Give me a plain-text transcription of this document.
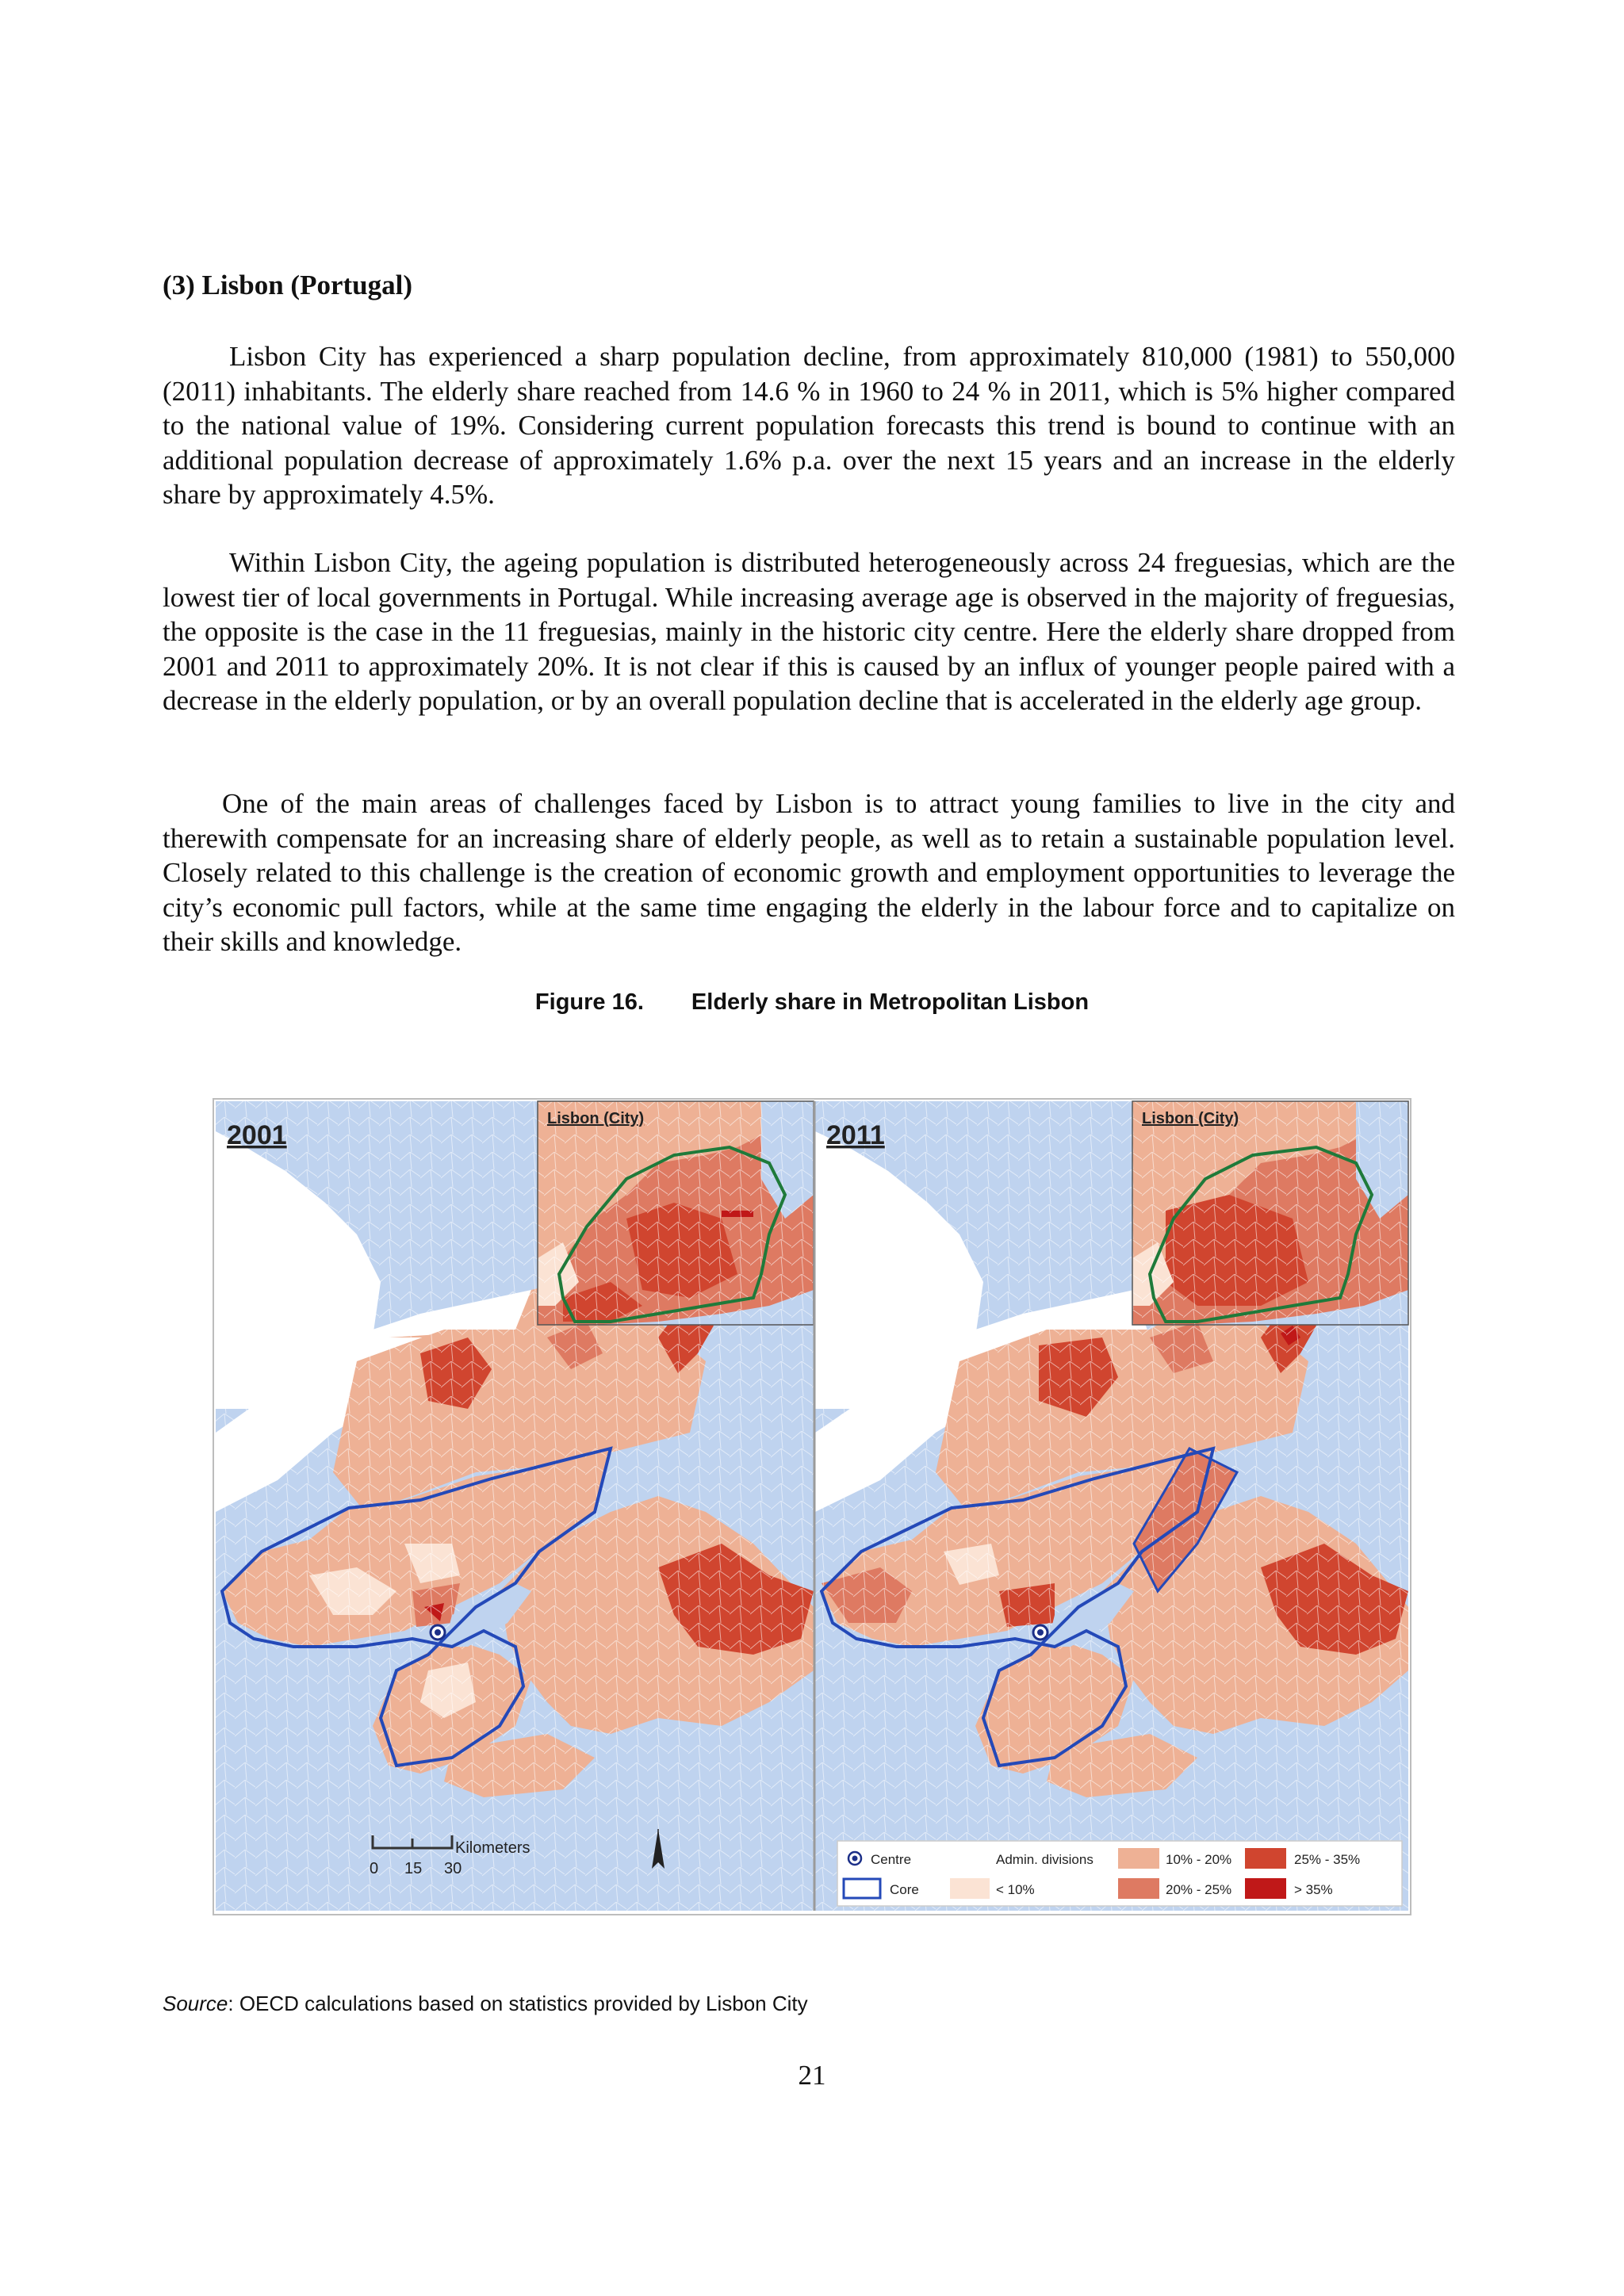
(3) Lisbon (Portugal)

Lisbon City has experienced a sharp population decline, from approximately 810,000 (1981) to 550,000 (2011) inhabitants. The elderly share reached from 14.6 % in 1960 to 24 % in 2011, which is 5% higher compared to the national value of 19%. Considering current population forecasts this trend is bound to continue with an additional population decrease of approximately 1.6% p.a. over the next 15 years and an increase in the elderly share by approximately 4.5%.

Within Lisbon City, the ageing population is distributed heterogeneously across 24 freguesias, which are the lowest tier of local governments in Portugal. While increasing average age is observed in the majority of freguesias, the opposite is the case in the 11 freguesias, mainly in the historic city centre. Here the elderly share dropped from 2001 and 2011 to approximately 20%. It is not clear if this is caused by an influx of younger people paired with a decrease in the elderly population, or by an overall population decline that is accelerated in the elderly age group.

One of the main areas of challenges faced by Lisbon is to attract young families to live in the city and therewith compensate for an increasing share of elderly people, as well as to retain a sustainable population level. Closely related to this challenge is the creation of economic growth and employment opportunities to leverage the city’s economic pull factors, while at the same time engaging the elderly in the labour force and to capitalize on their skills and knowledge.

Figure 16. Elderly share in Metropolitan Lisbon
Lisbon (City)
2001
0 15 30
Kilometers
Lisbon (City)
2011
Centre
Core
Admin. divisions
< 10%
10% - 20%
20% - 25%
25% - 35%
> 35%
Source: OECD calculations based on statistics provided by Lisbon City
21
